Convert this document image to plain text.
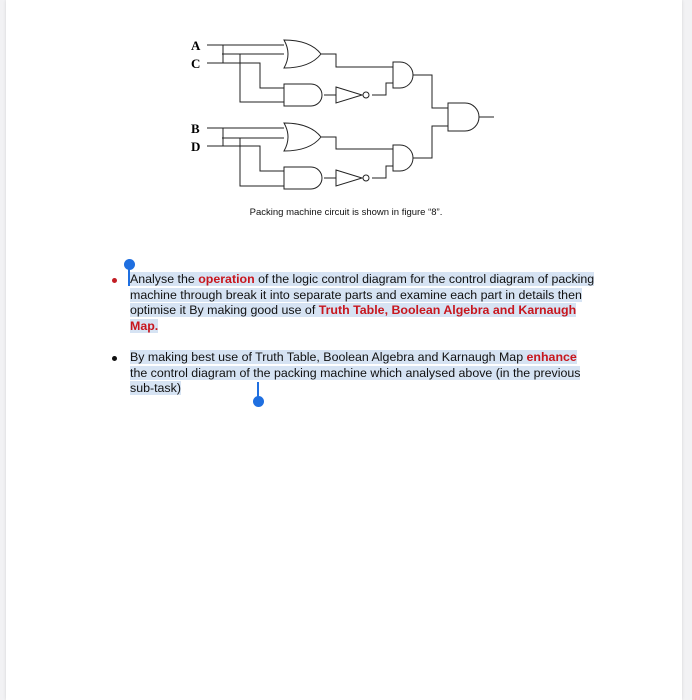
A
C
B
D
Packing machine circuit is shown in figure “8”.
Analyse the operation of the logic control diagram for the control diagram of packing machine through break it into separate parts and examine each part in details then optimise it By making good use of Truth Table, Boolean Algebra and Karnaugh Map.
By making best use of Truth Table, Boolean Algebra and Karnaugh Map enhance the control diagram of the packing machine which analysed above (in the previous sub-task)
